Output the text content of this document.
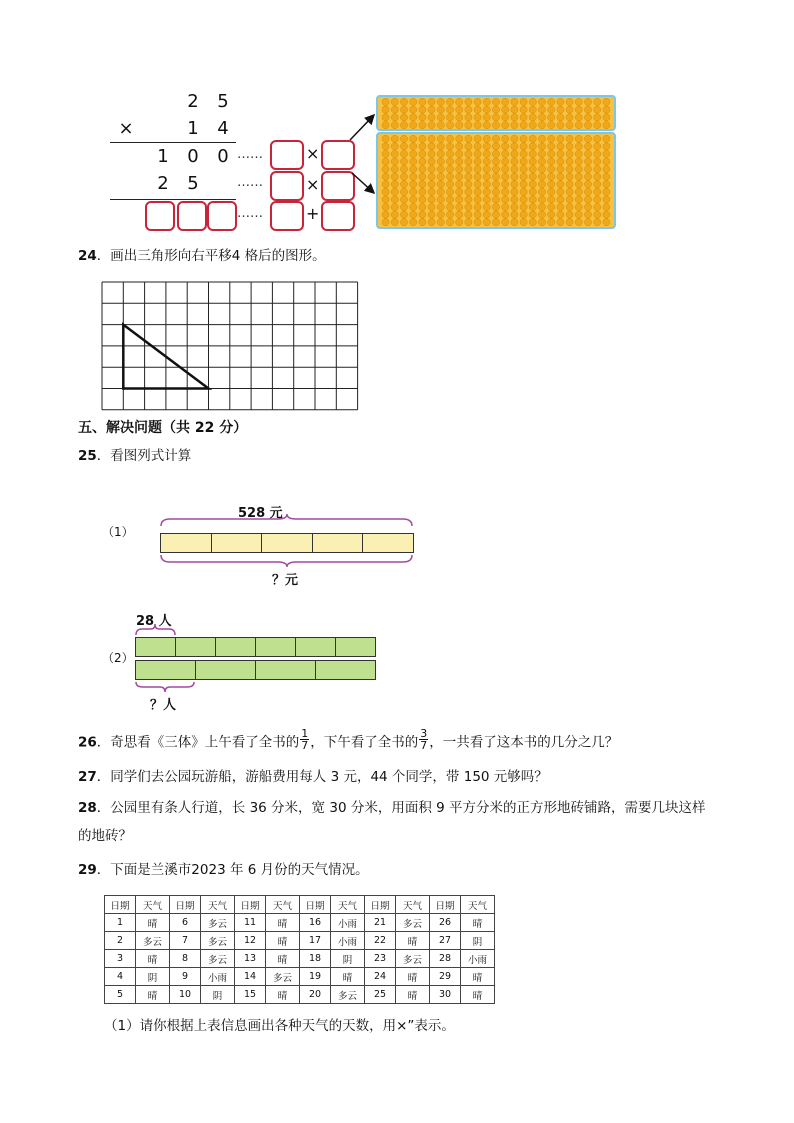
2 5
×	1 4
1 0 0
2 5
……
……
……
×
×
+
24．画出三角形向右平移4 格后的图形。
五、解决问题（共 22 分）
25．看图列式计算
（1）
528 元
？元
28 人
（2）
？人
26．奇思看《三体》上午看了全书的 $\frac{1}{7}$ ，下午看了全书的 $\frac{3}{7}$ ，一共看了这本书的几分之几？
27．同学们去公园玩游船，游船费用每人 3 元，44 个同学，带 150 元够吗？
28．公园里有条人行道，长 36 分米，宽 30 分米，用面积 9 平方分米的正方形地砖铺路，需要几块这样
的地砖？
29．下面是兰溪市2023 年 6 月份的天气情况。
日期	天气	日期	天气	日期	天气	日期	天气	日期	天气	日期	天气
1	晴	6	多云	11	晴	16	小雨	21	多云	26	晴
2	多云	7	多云	12	晴	17	小雨	22	晴	27	阴
3	晴	8	多云	13	晴	18	阴	23	多云	28	小雨
4	阴	9	小雨	14	多云	19	晴	24	晴	29	晴
5	晴	10	阴	15	晴	20	多云	25	晴	30	晴
（1）请你根据上表信息画出各种天气的天数，用×”表示。
